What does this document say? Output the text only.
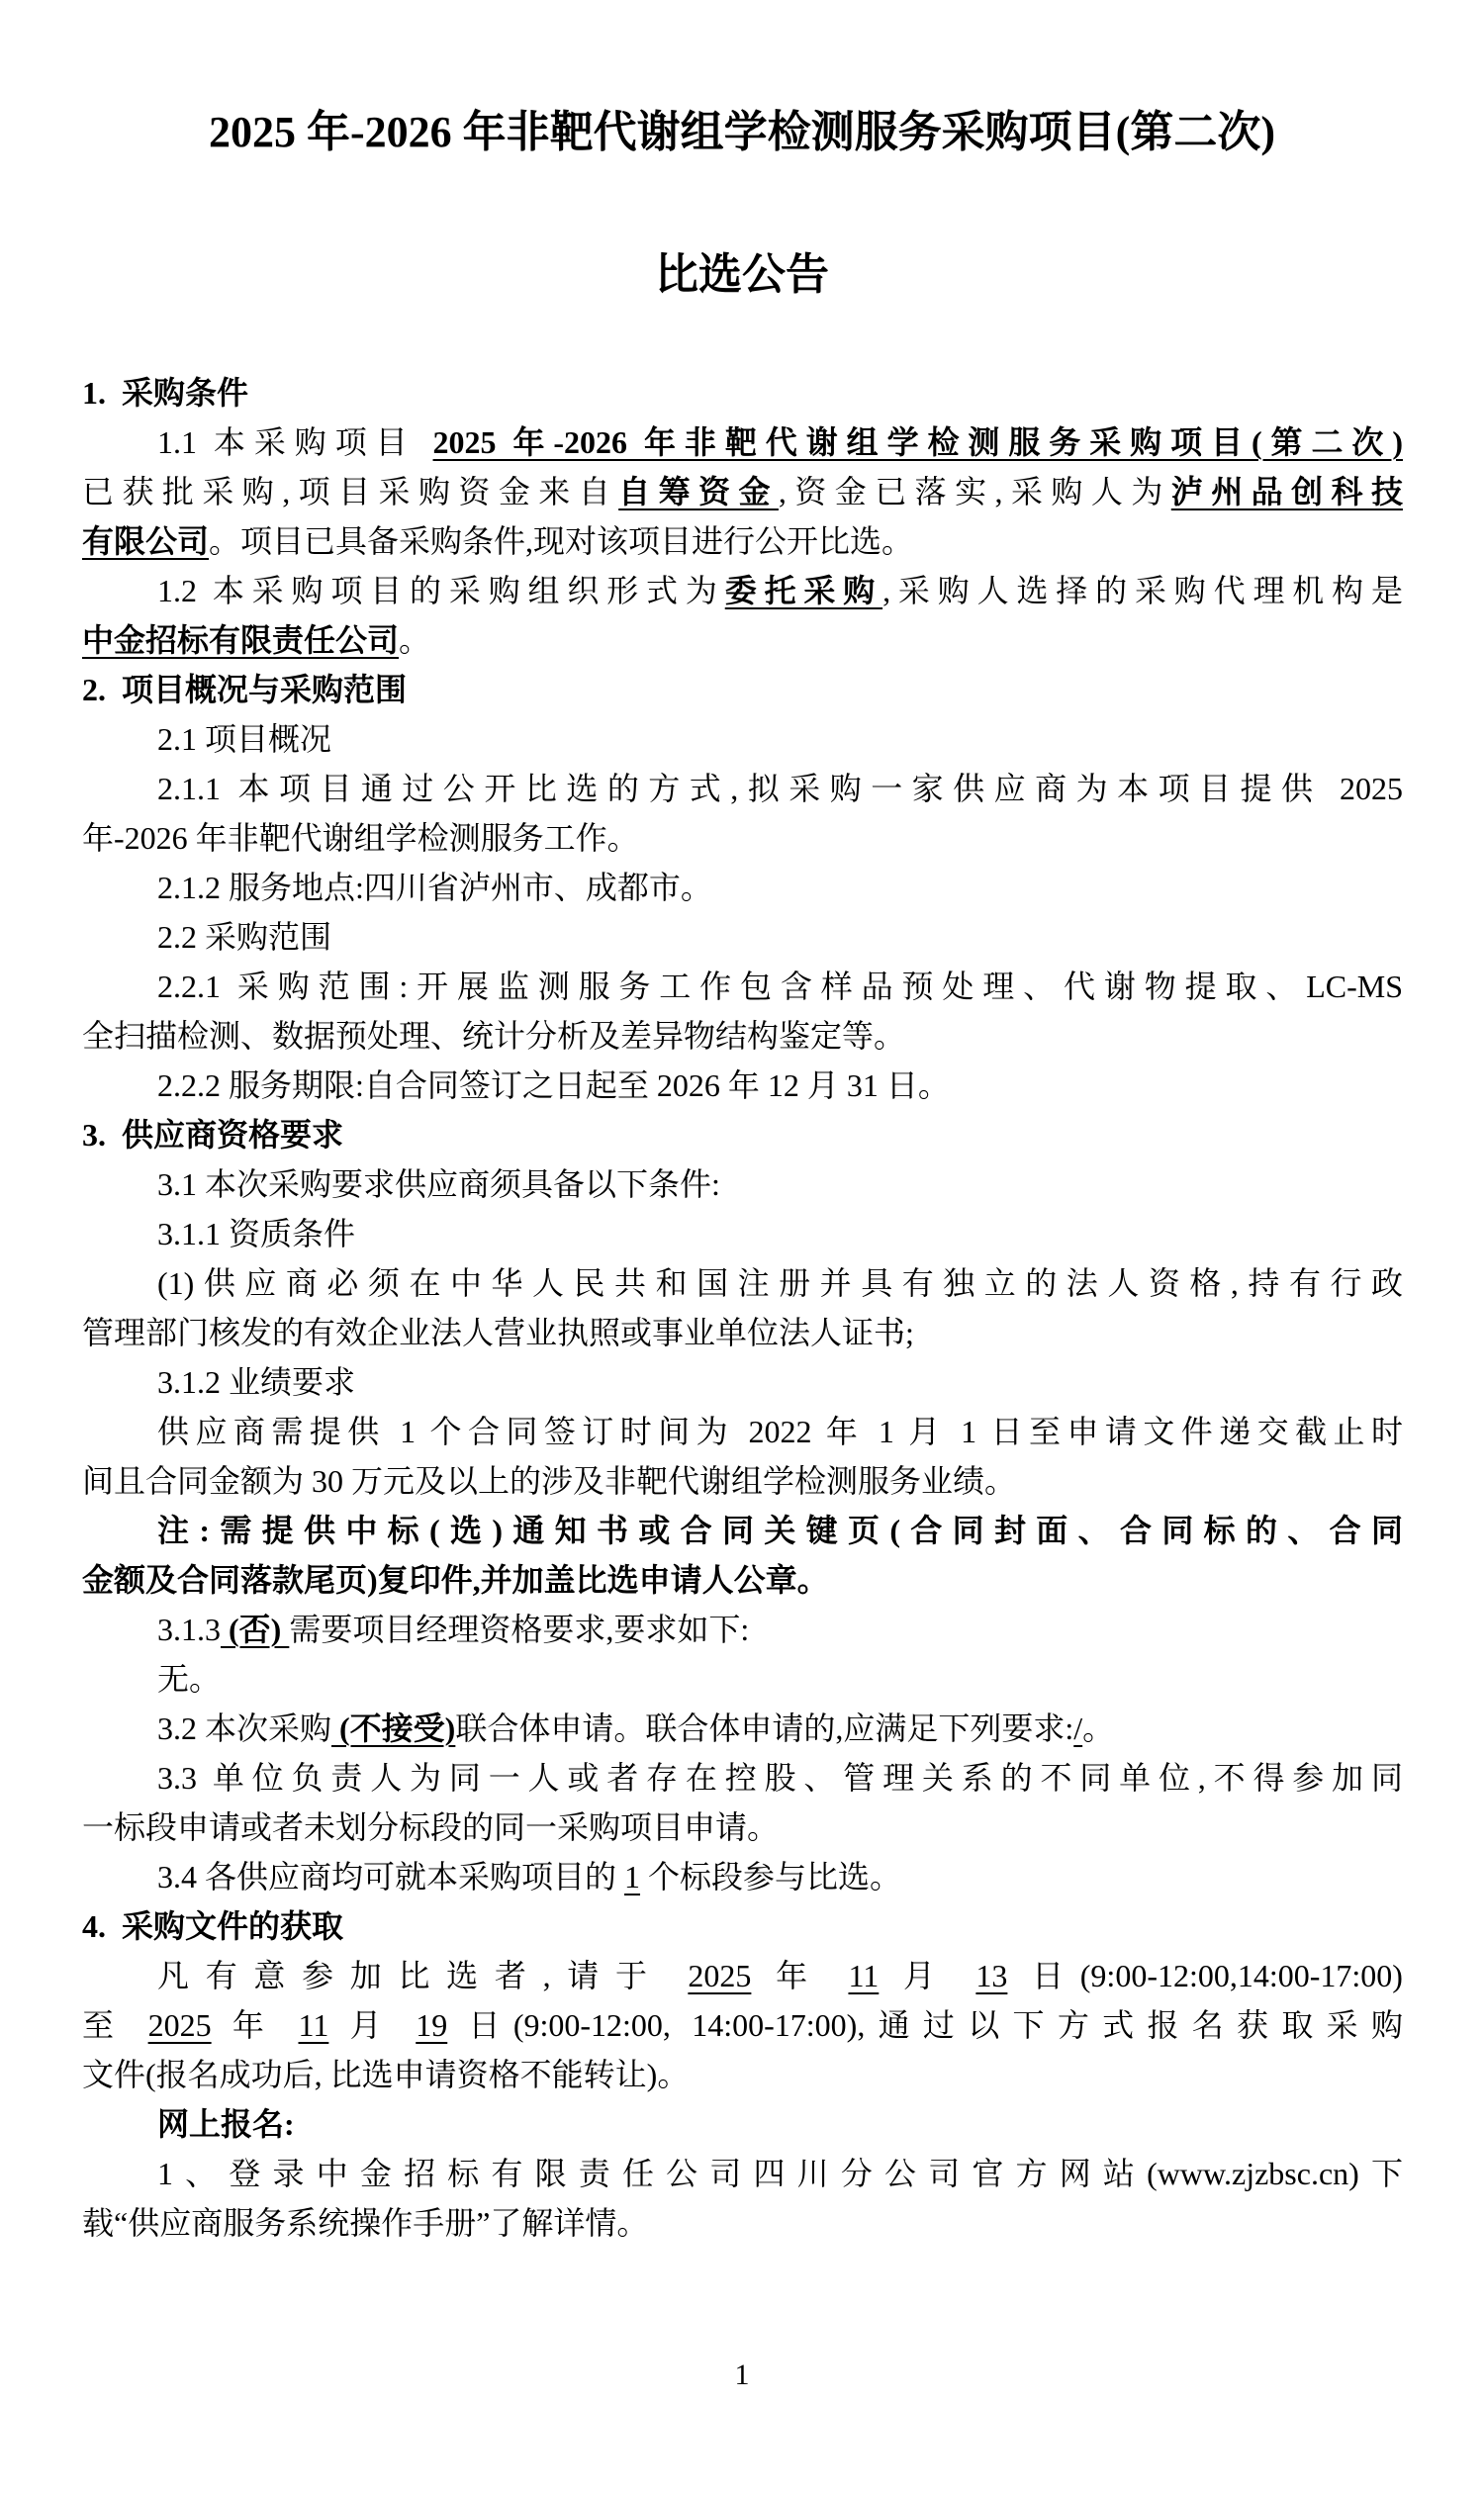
2025 年-2026 年非靶代谢组学检测服务采购项目(第二次)
比选公告
1.  采购条件
1.1 本采购项目 2025 年-2026 年非靶代谢组学检测服务采购项目(第二次)
已获批采购,项目采购资金来自自筹资金,资金已落实,采购人为泸州品创科技
有限公司。项目已具备采购条件,现对该项目进行公开比选。
1.2 本采购项目的采购组织形式为委托采购,采购人选择的采购代理机构是
中金招标有限责任公司。
2.  项目概况与采购范围
2.1 项目概况
2.1.1 本项目通过公开比选的方式,拟采购一家供应商为本项目提供 2025
年-2026 年非靶代谢组学检测服务工作。
2.1.2 服务地点:四川省泸州市、成都市。
2.2 采购范围
2.2.1 采购范围:开展监测服务工作包含样品预处理、代谢物提取、LC-MS
全扫描检测、数据预处理、统计分析及差异物结构鉴定等。
2.2.2 服务期限:自合同签订之日起至 2026 年 12 月 31 日。
3.  供应商资格要求
3.1 本次采购要求供应商须具备以下条件:
3.1.1 资质条件
(1)供应商必须在中华人民共和国注册并具有独立的法人资格,持有行政
管理部门核发的有效企业法人营业执照或事业单位法人证书;
3.1.2 业绩要求
供应商需提供 1 个合同签订时间为 2022 年 1 月 1 日至申请文件递交截止时
间且合同金额为 30 万元及以上的涉及非靶代谢组学检测服务业绩。
注:需提供中标(选)通知书或合同关键页(合同封面、合同标的、合同
金额及合同落款尾页)复印件,并加盖比选申请人公章。
3.1.3 (否) 需要项目经理资格要求,要求如下:
无。
3.2 本次采购 (不接受)联合体申请。联合体申请的,应满足下列要求:/。
3.3 单位负责人为同一人或者存在控股、管理关系的不同单位,不得参加同
一标段申请或者未划分标段的同一采购项目申请。
3.4 各供应商均可就本采购项目的 1 个标段参与比选。
4.  采购文件的获取
凡有意参加比选者,请于 2025 年 11 月 13 日(9:00-12:00,14:00-17:00)
至 2025 年 11 月 19 日(9:00-12:00, 14:00-17:00),通过以下方式报名获取采购
文件(报名成功后, 比选申请资格不能转让)。
网上报名:
1、登录中金招标有限责任公司四川分公司官方网站(www.zjzbsc.cn)下
载“供应商服务系统操作手册”了解详情。
1
